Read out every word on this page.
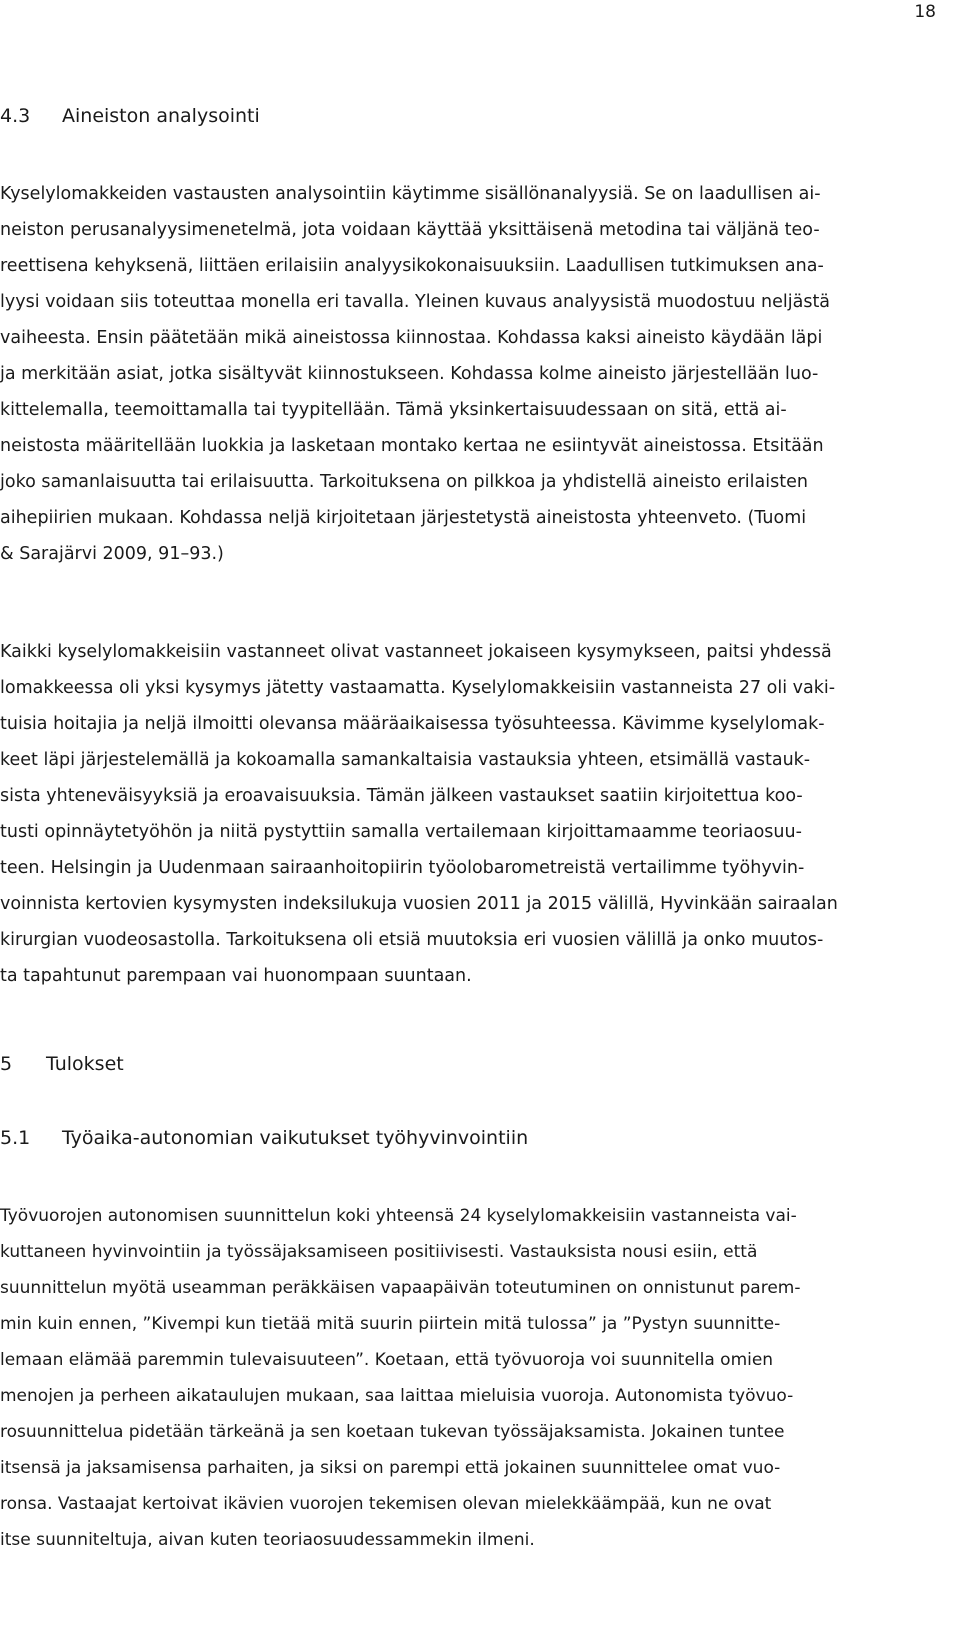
18
4.3 Aineiston analysointi
Kyselylomakkeiden vastausten analysointiin käytimme sisällönanalyysiä. Se on laadullisen ai-
neiston perusanalyysimenetelmä, jota voidaan käyttää yksittäisenä metodina tai väljänä teo-
reettisena kehyksenä, liittäen erilaisiin analyysikokonaisuuksiin. Laadullisen tutkimuksen ana-
lyysi voidaan siis toteuttaa monella eri tavalla. Yleinen kuvaus analyysistä muodostuu neljästä
vaiheesta. Ensin päätetään mikä aineistossa kiinnostaa. Kohdassa kaksi aineisto käydään läpi
ja merkitään asiat, jotka sisältyvät kiinnostukseen. Kohdassa kolme aineisto järjestellään luo-
kittelemalla, teemoittamalla tai tyypitellään. Tämä yksinkertaisuudessaan on sitä, että ai-
neistosta määritellään luokkia ja lasketaan montako kertaa ne esiintyvät aineistossa. Etsitään
joko samanlaisuutta tai erilaisuutta. Tarkoituksena on pilkkoa ja yhdistellä aineisto erilaisten
aihepiirien mukaan. Kohdassa neljä kirjoitetaan järjestetystä aineistosta yhteenveto. (Tuomi
& Sarajärvi 2009, 91–93.)
Kaikki kyselylomakkeisiin vastanneet olivat vastanneet jokaiseen kysymykseen, paitsi yhdessä
lomakkeessa oli yksi kysymys jätetty vastaamatta. Kyselylomakkeisiin vastanneista 27 oli vaki-
tuisia hoitajia ja neljä ilmoitti olevansa määräaikaisessa työsuhteessa. Kävimme kyselylomak-
keet läpi järjestelemällä ja kokoamalla samankaltaisia vastauksia yhteen, etsimällä vastauk-
sista yhteneväisyyksiä ja eroavaisuuksia. Tämän jälkeen vastaukset saatiin kirjoitettua koo-
tusti opinnäytetyöhön ja niitä pystyttiin samalla vertailemaan kirjoittamaamme teoriaosuu-
teen. Helsingin ja Uudenmaan sairaanhoitopiirin työolobarometreistä vertailimme työhyvin-
voinnista kertovien kysymysten indeksilukuja vuosien 2011 ja 2015 välillä, Hyvinkään sairaalan
kirurgian vuodeosastolla. Tarkoituksena oli etsiä muutoksia eri vuosien välillä ja onko muutos-
ta tapahtunut parempaan vai huonompaan suuntaan.
5 Tulokset
5.1 Työaika-autonomian vaikutukset työhyvinvointiin
Työvuorojen autonomisen suunnittelun koki yhteensä 24 kyselylomakkeisiin vastanneista vai-
kuttaneen hyvinvointiin ja työssäjaksamiseen positiivisesti. Vastauksista nousi esiin, että
suunnittelun myötä useamman peräkkäisen vapaapäivän toteutuminen on onnistunut parem-
min kuin ennen, ”Kivempi kun tietää mitä suurin piirtein mitä tulossa” ja ”Pystyn suunnitte-
lemaan elämää paremmin tulevaisuuteen”. Koetaan, että työvuoroja voi suunnitella omien
menojen ja perheen aikataulujen mukaan, saa laittaa mieluisia vuoroja. Autonomista työvuo-
rosuunnittelua pidetään tärkeänä ja sen koetaan tukevan työssäjaksamista. Jokainen tuntee
itsensä ja jaksamisensa parhaiten, ja siksi on parempi että jokainen suunnittelee omat vuo-
ronsa. Vastaajat kertoivat ikävien vuorojen tekemisen olevan mielekkäämpää, kun ne ovat
itse suunniteltuja, aivan kuten teoriaosuudessammekin ilmeni.
